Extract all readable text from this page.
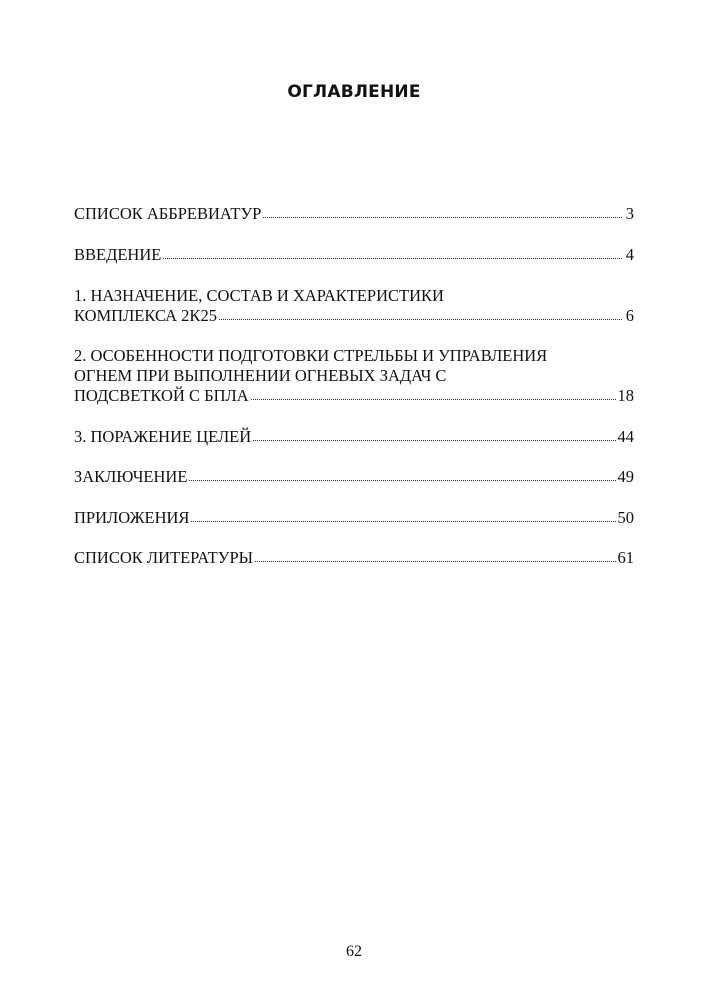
ОГЛАВЛЕНИЕ
СПИСОК АББРЕВИАТУР	3
ВВЕДЕНИЕ	4
1. НАЗНАЧЕНИЕ, СОСТАВ И ХАРАКТЕРИСТИКИ
КОМПЛЕКСА 2К25	6
2. ОСОБЕННОСТИ ПОДГОТОВКИ СТРЕЛЬБЫ И УПРАВЛЕНИЯ
ОГНЕМ ПРИ ВЫПОЛНЕНИИ ОГНЕВЫХ ЗАДАЧ С
ПОДСВЕТКОЙ С БПЛА	18
3. ПОРАЖЕНИЕ ЦЕЛЕЙ	44
ЗАКЛЮЧЕНИЕ	49
ПРИЛОЖЕНИЯ	50
СПИСОК ЛИТЕРАТУРЫ	61
62
